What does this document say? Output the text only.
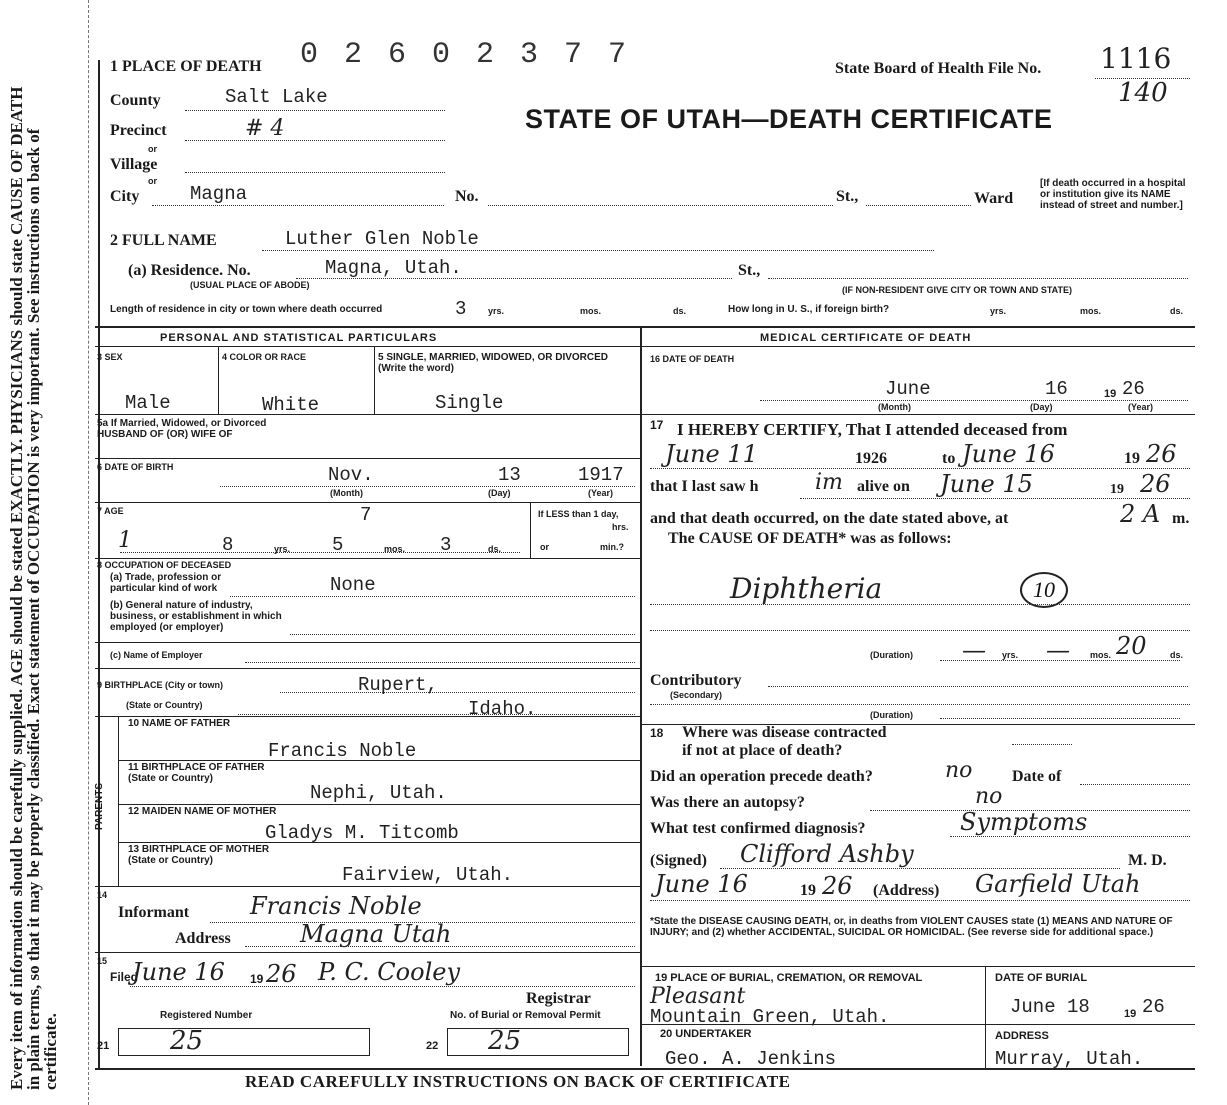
Every item of information should be carefully supplied. AGE should be stated EXACTLY. PHYSICIANS should state CAUSE OF DEATH in plain terms, so that it may be properly classified. Exact statement of OCCUPATION is very important. See instructions on back of certificate.
1 PLACE OF DEATH 0 2 6 0 2 3 7 7	State Board of Health File No. 1116
140
STATE OF UTAH—DEATH CERTIFICATE
County	Salt Lake
Precinct	# 4
or
Village
or
City	Magna	No.	St.,	Ward
[If death occurred in a hospital or institution give its NAME instead of street and number.]
2 FULL NAME	Luther Glen Noble
(a) Residence. No.	Magna, Utah.
(USUAL PLACE OF ABODE)
St.,
(IF NON-RESIDENT GIVE CITY OR TOWN AND STATE)
Length of residence in city or town where death occurred	3 yrs.	mos.	ds.	How long in U. S., if foreign birth?	yrs.	mos.	ds.
PERSONAL AND STATISTICAL PARTICULARS
3 SEX
Male
4 COLOR OR RACE
White
5 SINGLE, MARRIED, WIDOWED, OR DIVORCED (Write the word)
Single
5a If Married, Widowed, or Divorced HUSBAND OF (OR) WIFE OF
6 DATE OF BIRTH	Nov.	13	1917
(Month)	(Day)	(Year)
7 AGE	7
1	8	yrs. 5	mos. 3	ds.
If LESS than 1 day,
hrs.
or	min.?
8 OCCUPATION OF DECEASED
(a) Trade, profession or particular kind of work	None
(b) General nature of industry, business, or establishment in which employed (or employer)
(c) Name of Employer
9 BIRTHPLACE (City or town)	Rupert,
(State or Country)	Idaho.
PARENTS
10 NAME OF FATHER
Francis Noble
11 BIRTHPLACE OF FATHER (State or Country)
Nephi, Utah.
12 MAIDEN NAME OF MOTHER
Gladys M. Titcomb
13 BIRTHPLACE OF MOTHER (State or Country)
Fairview, Utah.
14
Informant	Francis Noble
Address	Magna Utah
15
Filed
June 16 19 26 P. C. Cooley
Registrar
Registered Number
21 25
No. of Burial or Removal Permit
22 25
MEDICAL CERTIFICATE OF DEATH
16 DATE OF DEATH
June	16	19 26
(Month)	(Day)	(Year)
17 I HEREBY CERTIFY, That I attended deceased from
June 11	1926	to June 16	19 26
that I last saw h	im alive on June 15	19 26
and that death occurred, on the date stated above, at	2 A m.
The CAUSE OF DEATH* was as follows:
Diphtheria	10
(Duration) — yrs. — mos. 20	ds.
Contributory
(Secondary)
(Duration)
18 Where was disease contracted
if not at place of death?
Did an operation precede death?	no Date of
Was there an autopsy?	no
What test confirmed diagnosis?	Symptoms
(Signed) Clifford Ashby	M. D.
June 16	19 26 (Address) Garfield Utah
*State the DISEASE CAUSING DEATH, or, in deaths from VIOLENT CAUSES state (1) MEANS AND NATURE OF INJURY; and (2) whether ACCIDENTAL, SUICIDAL OR HOMICIDAL. (See reverse side for additional space.)
19 PLACE OF BURIAL, CREMATION, OR REMOVAL	DATE OF BURIAL
Pleasant
Mountain Green, Utah.	June 18	19 26
20 UNDERTAKER	ADDRESS
Geo. A. Jenkins	Murray, Utah.
READ CAREFULLY INSTRUCTIONS ON BACK OF CERTIFICATE
